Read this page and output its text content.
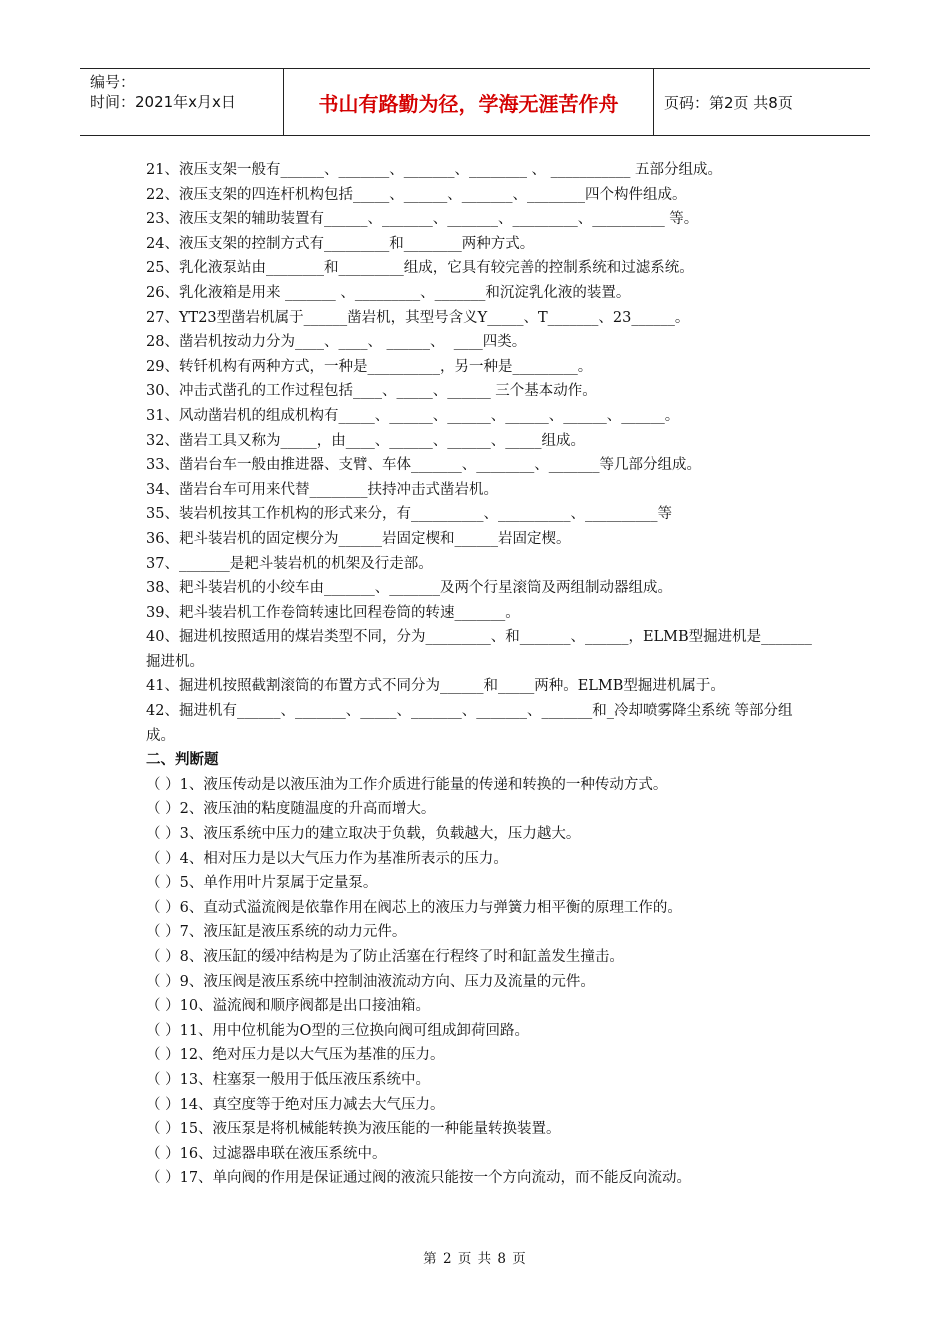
编号：
时间：2021年x月x日	书山有路勤为径，学海无涯苦作舟	页码：第2页 共8页

21、液压支架一般有______、_______、_______、________ 、 ___________ 五部分组成。

22、液压支架的四连杆机构包括_____、______、_______、________四个构件组成。

23、液压支架的辅助装置有______、_______、_______、_________、__________ 等。

24、液压支架的控制方式有_________和________两种方式。

25、乳化液泵站由________和_________组成，它具有较完善的控制系统和过滤系统。

26、乳化液箱是用来 _______ 、_________、_______和沉淀乳化液的装置。

27、YT23型凿岩机属于______凿岩机，其型号含义Y_____、T_______、23______。

28、凿岩机按动力分为____、____、 ______、  ____四类。

29、转钎机构有两种方式，一种是__________，另一种是_________。

30、冲击式凿孔的工作过程包括____、_____、______ 三个基本动作。

31、风动凿岩机的组成机构有_____、______、______、______、______、______。

32、凿岩工具又称为_____，由____、______、______、_____组成。

33、凿岩台车一般由推进器、支臂、车体_______、________、_______等几部分组成。

34、凿岩台车可用来代替________扶持冲击式凿岩机。

35、装岩机按其工作机构的形式来分，有__________、__________、__________等

36、耙斗装岩机的固定楔分为______岩固定楔和______岩固定楔。

37、_______是耙斗装岩机的机架及行走部。

38、耙斗装岩机的小绞车由_______、_______及两个行星滚筒及两组制动器组成。

39、耙斗装岩机工作卷筒转速比回程卷筒的转速_______。

40、掘进机按照适用的煤岩类型不同，分为_________、和_______、______，ELMB型掘进机是_______掘进机。

41、掘进机按照截割滚筒的布置方式不同分为______和_____两种。ELMB型掘进机属于。

42、掘进机有______、_______、_____、_______、_______、_______和_冷却喷雾降尘系统 等部分组成。

二、判断题

（ ）1、液压传动是以液压油为工作介质进行能量的传递和转换的一种传动方式。

（ ）2、液压油的粘度随温度的升高而增大。

（ ）3、液压系统中压力的建立取决于负载，负载越大，压力越大。

（ ）4、相对压力是以大气压力作为基准所表示的压力。

（ ）5、单作用叶片泵属于定量泵。

（ ）6、直动式溢流阀是依靠作用在阀芯上的液压力与弹簧力相平衡的原理工作的。

（ ）7、液压缸是液压系统的动力元件。

（ ）8、液压缸的缓冲结构是为了防止活塞在行程终了时和缸盖发生撞击。

（ ）9、液压阀是液压系统中控制油液流动方向、压力及流量的元件。

（ ）10、溢流阀和顺序阀都是出口接油箱。

（ ）11、用中位机能为O型的三位换向阀可组成卸荷回路。

（ ）12、绝对压力是以大气压为基准的压力。

（ ）13、柱塞泵一般用于低压液压系统中。

（ ）14、真空度等于绝对压力减去大气压力。

（ ）15、液压泵是将机械能转换为液压能的一种能量转换装置。

（ ）16、过滤器串联在液压系统中。

（ ）17、单向阀的作用是保证通过阀的液流只能按一个方向流动，而不能反向流动。

第 2 页 共 8 页
